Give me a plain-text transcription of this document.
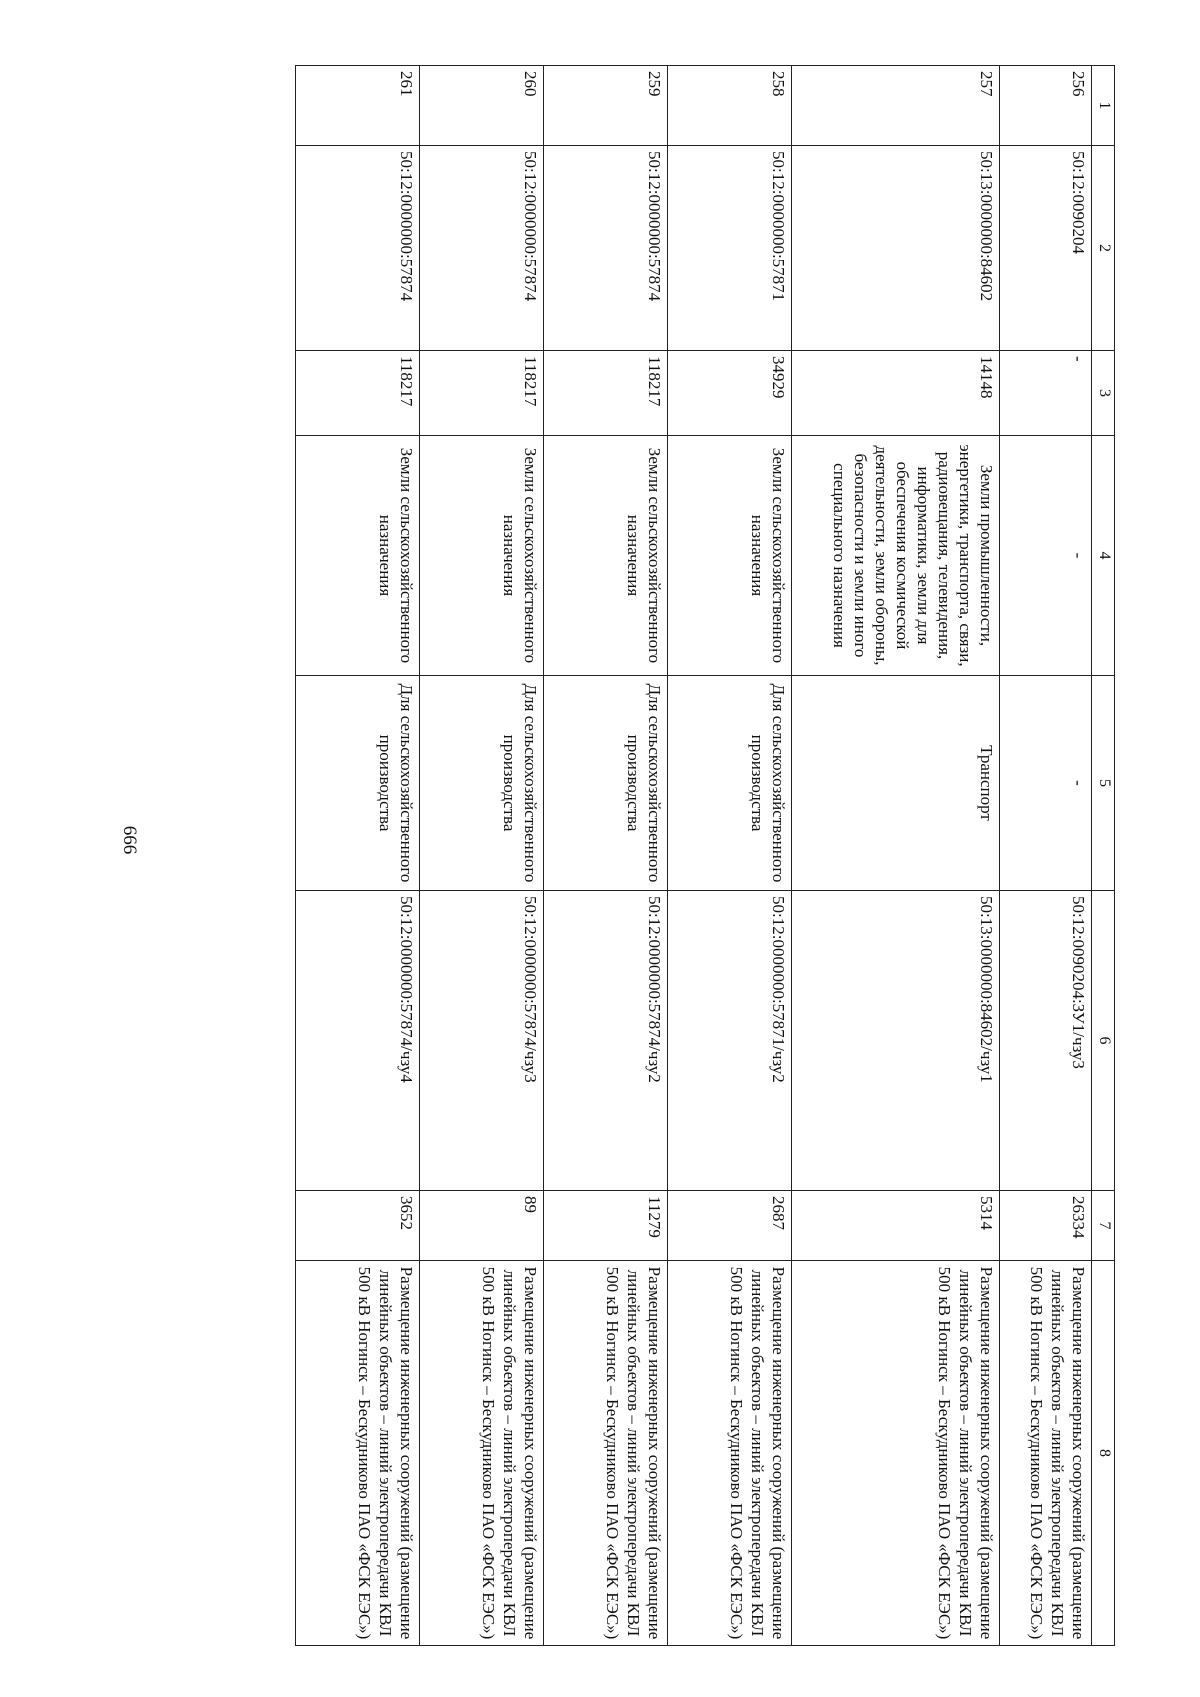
1	2	3	4	5	6	7	8
256	50:12:0090204	-	-	-	50:12:0090204:ЗУ1/чзу3	26334	Размещение инженерных сооружений (размещение линейных объектов – линий электропередачи КВЛ 500 кВ Ногинск – Бескудниково ПАО «ФСК ЕЭС»)
257	50:13:0000000:84602	14148	Земли промышленности, энергетики, транспорта, связи, радиовещания, телевидения, информатики, земли для обеспечения космической деятельности, земли обороны, безопасности и земли иного специального назначения	Транспорт	50:13:0000000:84602/чзу1	5314	Размещение инженерных сооружений (размещение линейных объектов – линий электропередачи КВЛ 500 кВ Ногинск – Бескудниково ПАО «ФСК ЕЭС»)
258	50:12:0000000:57871	34929	Земли сельскохозяйственного назначения	Для сельскохозяйственного производства	50:12:0000000:57871/чзу2	2687	Размещение инженерных сооружений (размещение линейных объектов – линий электропередачи КВЛ 500 кВ Ногинск – Бескудниково ПАО «ФСК ЕЭС»)
259	50:12:0000000:57874	118217	Земли сельскохозяйственного назначения	Для сельскохозяйственного производства	50:12:0000000:57874/чзу2	11279	Размещение инженерных сооружений (размещение линейных объектов – линий электропередачи КВЛ 500 кВ Ногинск – Бескудниково ПАО «ФСК ЕЭС»)
260	50:12:0000000:57874	118217	Земли сельскохозяйственного назначения	Для сельскохозяйственного производства	50:12:0000000:57874/чзу3	89	Размещение инженерных сооружений (размещение линейных объектов – линий электропередачи КВЛ 500 кВ Ногинск – Бескудниково ПАО «ФСК ЕЭС»)
261	50:12:0000000:57874	118217	Земли сельскохозяйственного назначения	Для сельскохозяйственного производства	50:12:0000000:57874/чзу4	3652	Размещение инженерных сооружений (размещение линейных объектов – линий электропередачи КВЛ 500 кВ Ногинск – Бескудниково ПАО «ФСК ЕЭС»)
666
